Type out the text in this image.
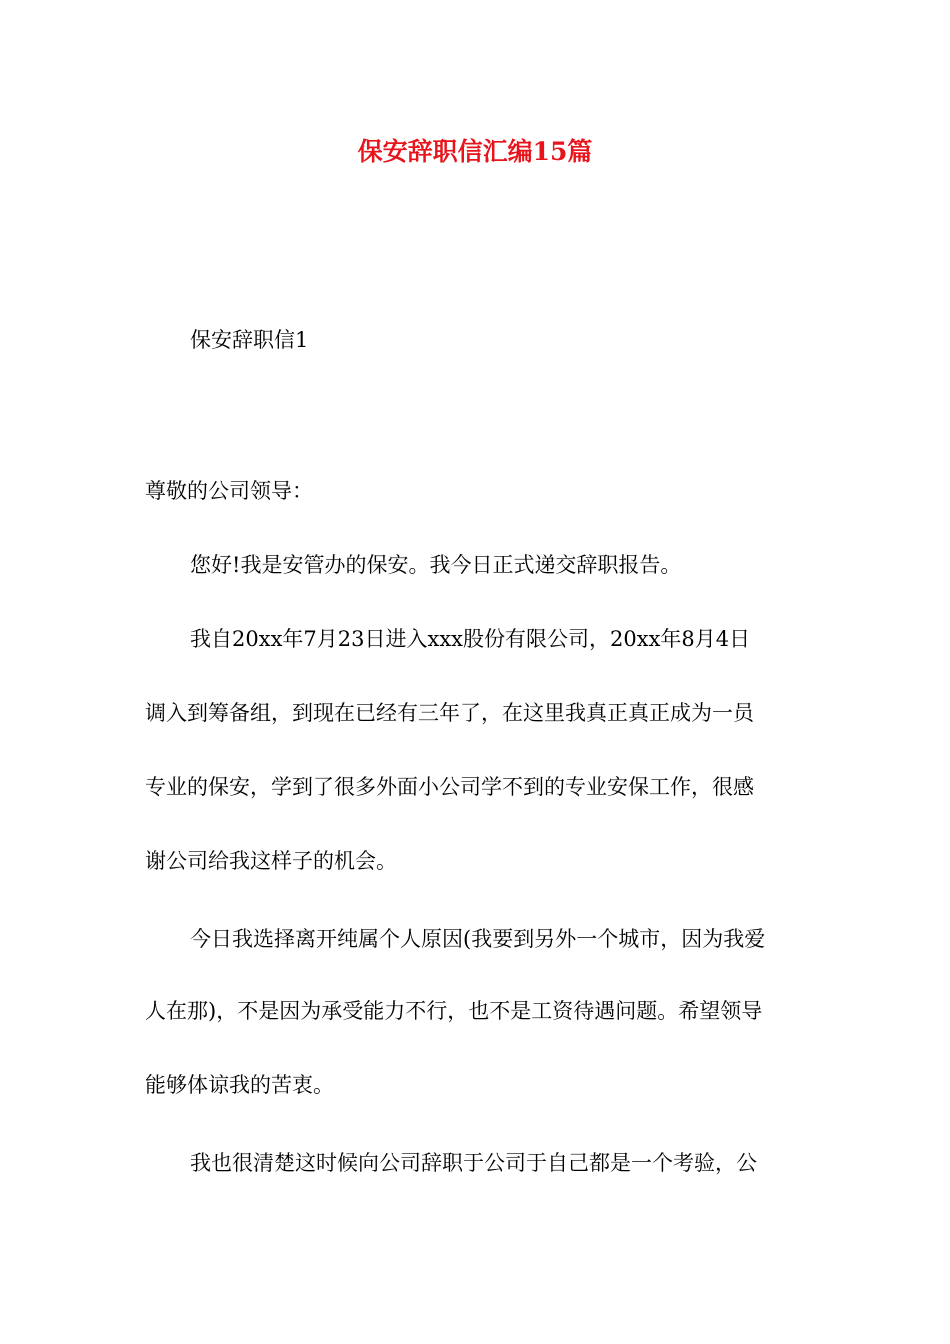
保安辞职信汇编15篇

保安辞职信1

尊敬的公司领导：

您好!我是安管办的保安。我今日正式递交辞职报告。

我自20xx年7月23日进入xxx股份有限公司，20xx年8月4日

调入到筹备组，到现在已经有三年了，在这里我真正真正成为一员

专业的保安，学到了很多外面小公司学不到的专业安保工作，很感

谢公司给我这样子的机会。

今日我选择离开纯属个人原因(我要到另外一个城市，因为我爱

人在那)，不是因为承受能力不行，也不是工资待遇问题。希望领导

能够体谅我的苦衷。

我也很清楚这时候向公司辞职于公司于自己都是一个考验，公
